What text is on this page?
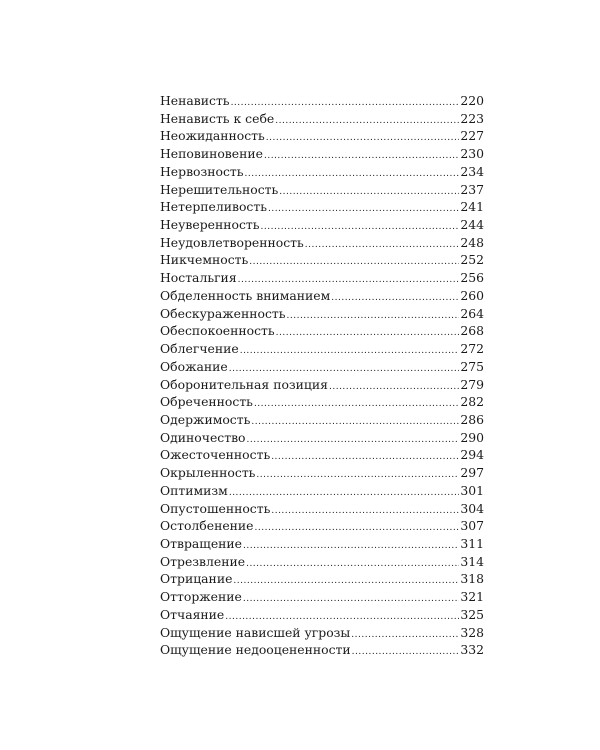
Ненависть .....	220
Ненависть к себе .....	223
Неожиданность .....	227
Неповиновение .....	230
Нервозность .....	234
Нерешительность .....	237
Нетерпеливость .....	241
Неуверенность .....	244
Неудовлетворенность .....	248
Никчемность .....	252
Ностальгия .....	256
Обделенность вниманием .....	260
Обескураженность .....	264
Обеспокоенность .....	268
Облегчение .....	272
Обожание .....	275
Оборонительная позиция .....	279
Обреченность .....	282
Одержимость .....	286
Одиночество .....	290
Ожесточенность .....	294
Окрыленность .....	297
Оптимизм .....	301
Опустошенность .....	304
Остолбенение .....	307
Отвращение .....	311
Отрезвление .....	314
Отрицание .....	318
Отторжение .....	321
Отчаяние .....	325
Ощущение нависшей угрозы .....	328
Ощущение недооцененности .....	332
